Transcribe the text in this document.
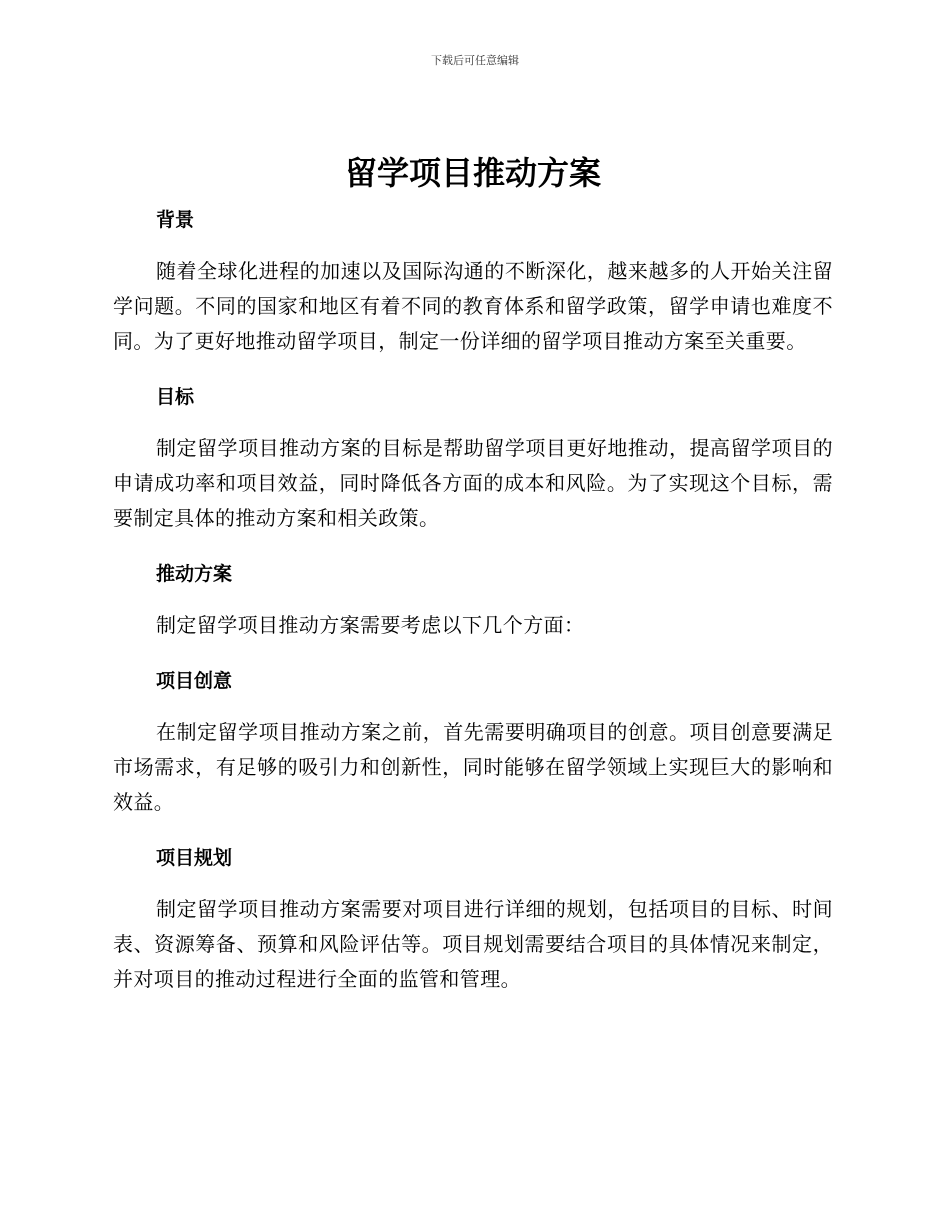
下载后可任意编辑
留学项目推动方案
背景

随着全球化进程的加速以及国际沟通的不断深化，越来越多的人开始关注留学问题。不同的国家和地区有着不同的教育体系和留学政策，留学申请也难度不同。为了更好地推动留学项目，制定一份详细的留学项目推动方案至关重要。

目标

制定留学项目推动方案的目标是帮助留学项目更好地推动，提高留学项目的申请成功率和项目效益，同时降低各方面的成本和风险。为了实现这个目标，需要制定具体的推动方案和相关政策。

推动方案

制定留学项目推动方案需要考虑以下几个方面：

项目创意

在制定留学项目推动方案之前，首先需要明确项目的创意。项目创意要满足市场需求，有足够的吸引力和创新性，同时能够在留学领域上实现巨大的影响和效益。

项目规划

制定留学项目推动方案需要对项目进行详细的规划，包括项目的目标、时间表、资源筹备、预算和风险评估等。项目规划需要结合项目的具体情况来制定，并对项目的推动过程进行全面的监管和管理。
